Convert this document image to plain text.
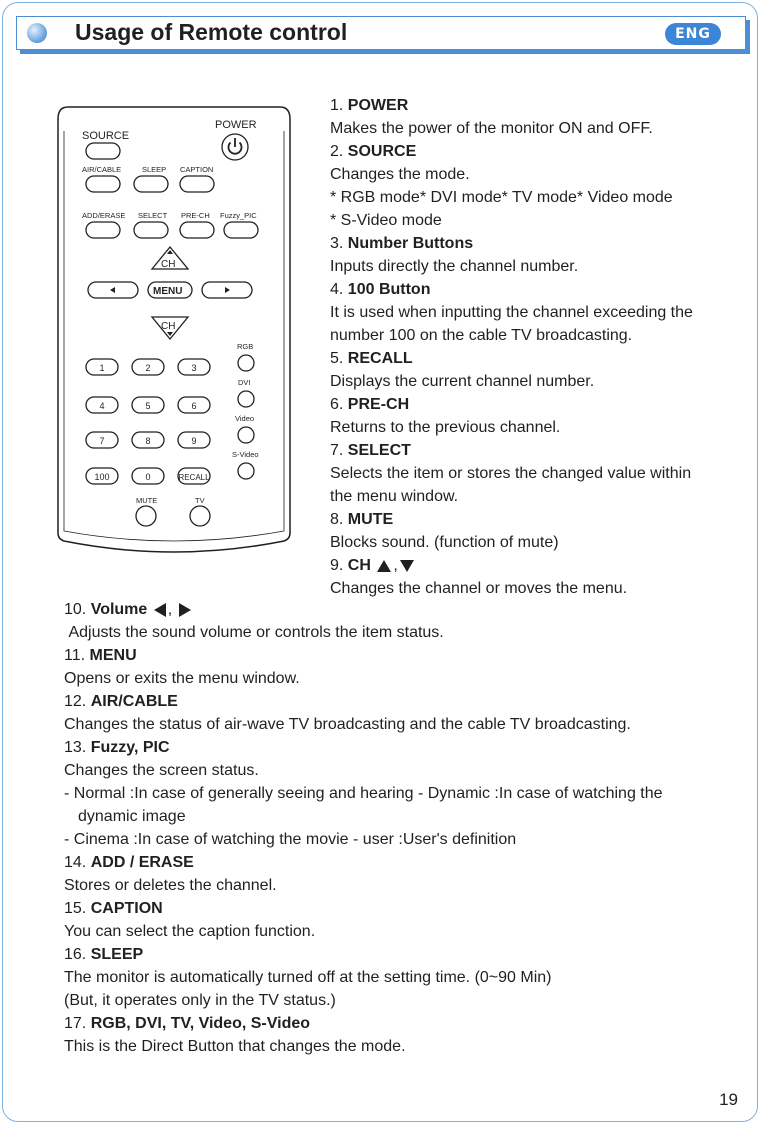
Usage of Remote control	ENG
SOURCE
POWER
AIR/CABLE	SLEEP CAPTION
ADD/ERASE SELECT PRE-CH Fuzzy_PIC
CH
MENU
CH
RGB
DVI
Video
S-Video
1	2	3
4	5	6
7	8	9
100	0	RECALL
MUTE	TV
1. POWER
Makes the power of the monitor ON and OFF.
2. SOURCE
Changes the mode.
* RGB mode* DVI mode* TV mode* Video mode
* S-Video mode
3. Number Buttons
Inputs directly the channel number.
4. 100 Button
It is used when inputting the channel exceeding the
number 100 on the cable TV broadcasting.
5. RECALL
Displays the current channel number.
6. PRE-CH
Returns to the previous channel.
7. SELECT
Selects the item or stores the changed value within
the menu window.
8. MUTE
Blocks sound. (function of mute)
9. CH ,
Changes the channel or moves the menu.
10. Volume ,
Adjusts the sound volume or controls the item status.
11. MENU
Opens or exits the menu window.
12. AIR/CABLE
Changes the status of air-wave TV broadcasting and the cable TV broadcasting.
13. Fuzzy, PIC
Changes the screen status.
- Normal :In case of generally seeing and hearing - Dynamic :In case of watching the
dynamic image
- Cinema :In case of watching the movie - user :User's definition
14. ADD / ERASE
Stores or deletes the channel.
15. CAPTION
You can select the caption function.
16. SLEEP
The monitor is automatically turned off at the setting time. (0~90 Min)
(But, it operates only in the TV status.)
17. RGB, DVI, TV, Video, S-Video
This is the Direct Button that changes the mode.
19
